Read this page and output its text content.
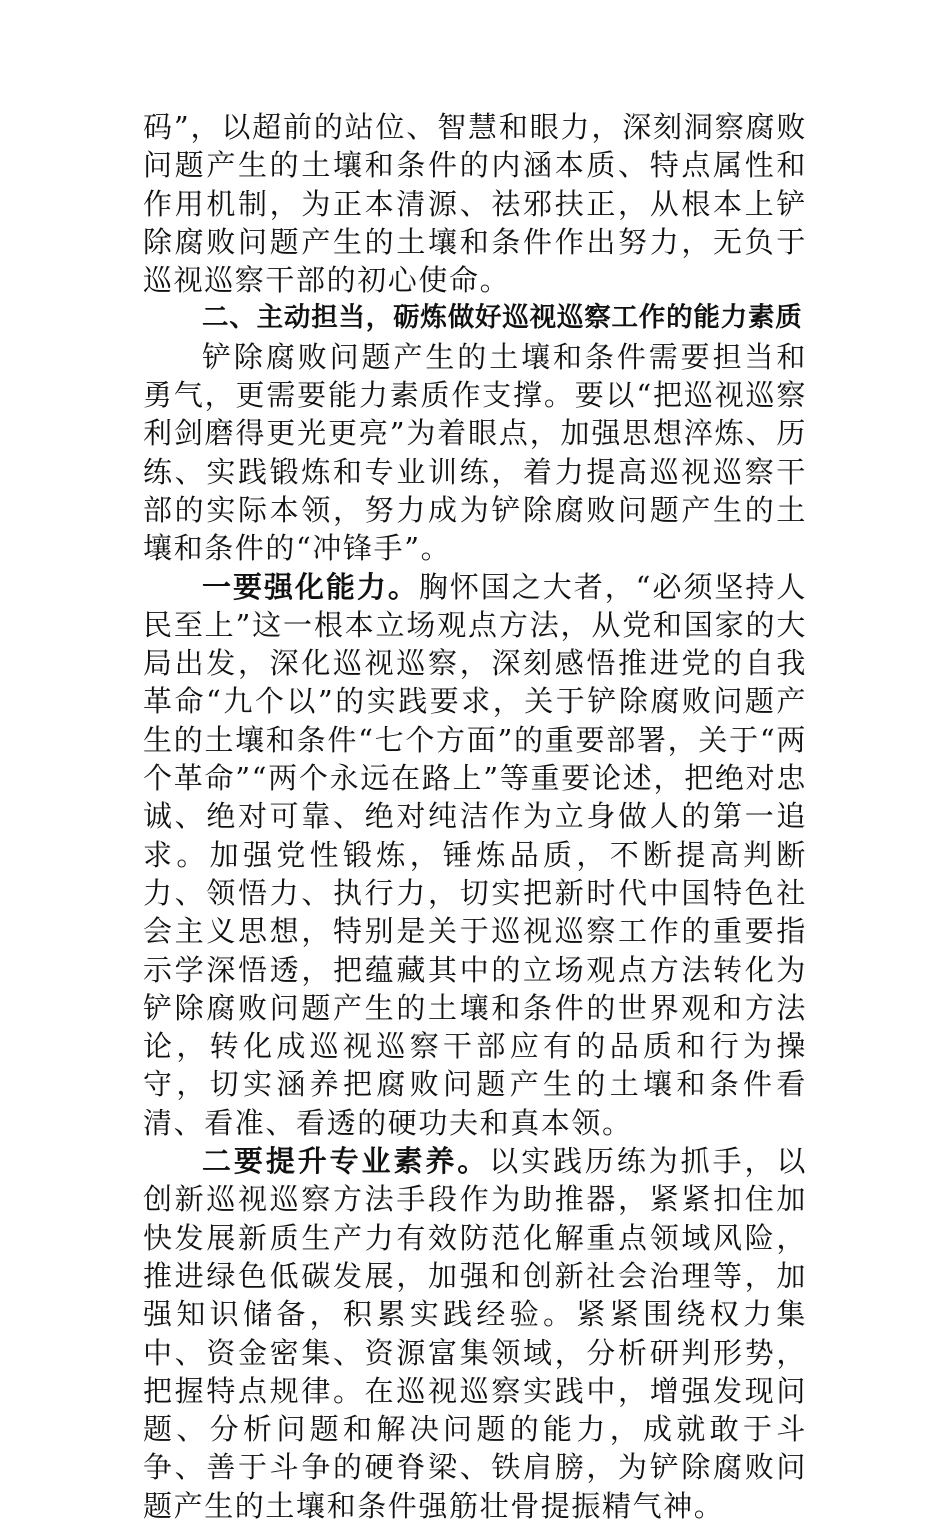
码”，以超前的站位、智慧和眼力，深刻洞察腐败问题产生的土壤和条件的内涵本质、特点属性和作用机制，为正本清源、祛邪扶正，从根本上铲除腐败问题产生的土壤和条件作出努力，无负于巡视巡察干部的初心使命。

二、主动担当，砺炼做好巡视巡察工作的能力素质

铲除腐败问题产生的土壤和条件需要担当和勇气，更需要能力素质作支撑。要以“把巡视巡察利剑磨得更光更亮”为着眼点，加强思想淬炼、历练、实践锻炼和专业训练，着力提高巡视巡察干部的实际本领，努力成为铲除腐败问题产生的土壤和条件的“冲锋手”。

一要强化能力。胸怀国之大者，“必须坚持人民至上”这一根本立场观点方法，从党和国家的大局出发，深化巡视巡察，深刻感悟推进党的自我革命“九个以”的实践要求，关于铲除腐败问题产生的土壤和条件“七个方面”的重要部署，关于“两个革命”“两个永远在路上”等重要论述，把绝对忠诚、绝对可靠、绝对纯洁作为立身做人的第一追求。加强党性锻炼，锤炼品质，不断提高判断力、领悟力、执行力，切实把新时代中国特色社会主义思想，特别是关于巡视巡察工作的重要指示学深悟透，把蕴藏其中的立场观点方法转化为铲除腐败问题产生的土壤和条件的世界观和方法论，转化成巡视巡察干部应有的品质和行为操守，切实涵养把腐败问题产生的土壤和条件看清、看准、看透的硬功夫和真本领。

二要提升专业素养。以实践历练为抓手，以创新巡视巡察方法手段作为助推器，紧紧扣住加快发展新质生产力有效防范化解重点领域风险，推进绿色低碳发展，加强和创新社会治理等，加强知识储备，积累实践经验。紧紧围绕权力集中、资金密集、资源富集领域，分析研判形势，把握特点规律。在巡视巡察实践中，增强发现问题、分析问题和解决问题的能力，成就敢于斗争、善于斗争的硬脊梁、铁肩膀，为铲除腐败问题产生的土壤和条件强筋壮骨提振精气神。
